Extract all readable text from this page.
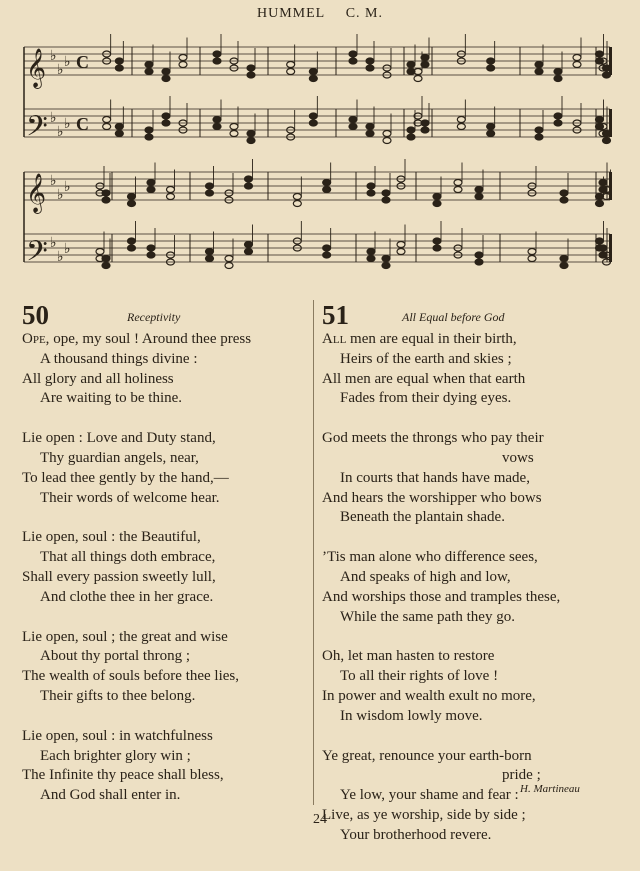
HUMMEL C. M.
𝄞 ♭
♭
♭ C
𝄢 ♭
♭
♭ C
𝄞 ♭
♭
♭
𝄢 ♭
♭
♭
50	Receptivity
Ope, ope, my soul ! Around thee press
A thousand things divine :
All glory and all holiness
Are waiting to be thine.
Lie open : Love and Duty stand,
Thy guardian angels, near,
To lead thee gently by the hand,—
Their words of welcome hear.
Lie open, soul : the Beautiful,
That all things doth embrace,
Shall every passion sweetly lull,
And clothe thee in her grace.
Lie open, soul ; the great and wise
About thy portal throng ;
The wealth of souls before thee lies,
Their gifts to thee belong.
Lie open, soul : in watchfulness
Each brighter glory win ;
The Infinite thy peace shall bless,
And God shall enter in.
51	All Equal before God
All men are equal in their birth,
Heirs of the earth and skies ;
All men are equal when that earth
Fades from their dying eyes.
God meets the throngs who pay their
vows
In courts that hands have made,
And hears the worshipper who bows
Beneath the plantain shade.
’Tis man alone who difference sees,
And speaks of high and low,
And worships those and tramples these,
While the same path they go.
Oh, let man hasten to restore
To all their rights of love !
In power and wealth exult no more,
In wisdom lowly move.
Ye great, renounce your earth-born
pride ;
Ye low, your shame and fear :
Live, as ye worship, side by side ;
Your brotherhood revere.
H. Martineau
24
